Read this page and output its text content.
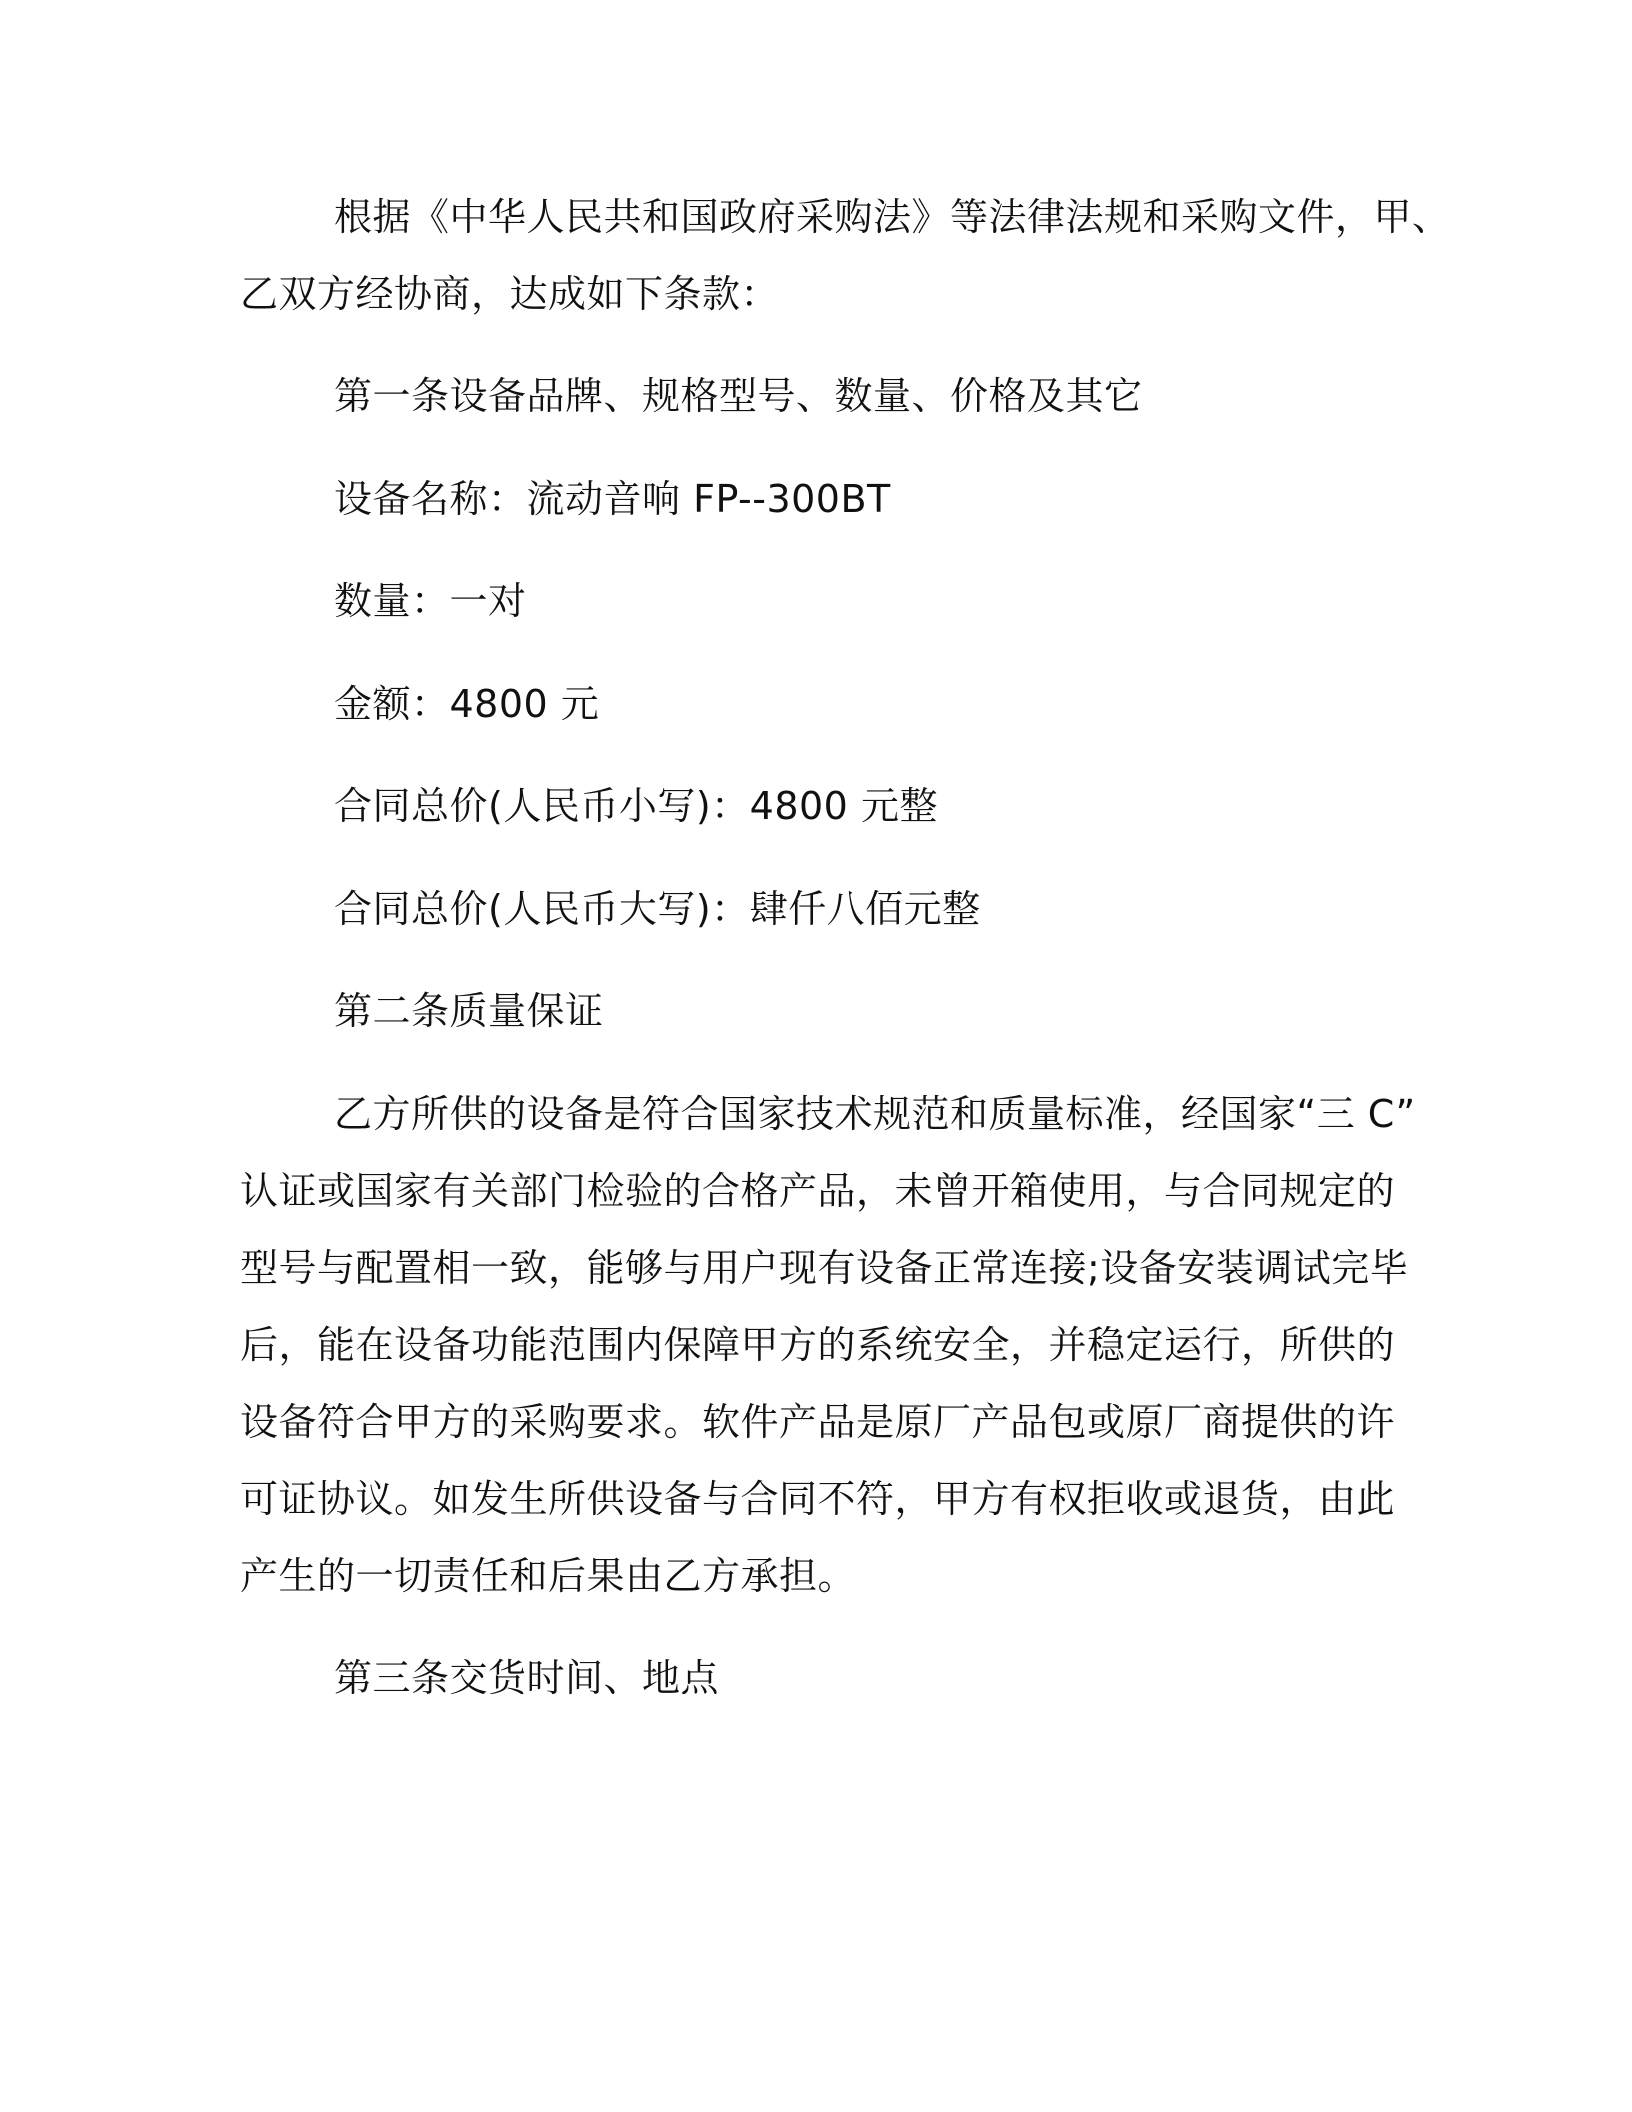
根据《中华人民共和国政府采购法》等法律法规和采购文件，甲、
乙双方经协商，达成如下条款：
第一条设备品牌、规格型号、数量、价格及其它
设备名称：流动音响 FP--300BT
数量：一对
金额：4800 元
合同总价(人民币小写)：4800 元整
合同总价(人民币大写)：肆仟八佰元整
第二条质量保证
乙方所供的设备是符合国家技术规范和质量标准，经国家“三 C”
认证或国家有关部门检验的合格产品，未曾开箱使用，与合同规定的
型号与配置相一致，能够与用户现有设备正常连接;设备安装调试完毕
后，能在设备功能范围内保障甲方的系统安全，并稳定运行，所供的
设备符合甲方的采购要求。软件产品是原厂产品包或原厂商提供的许
可证协议。如发生所供设备与合同不符，甲方有权拒收或退货，由此
产生的一切责任和后果由乙方承担。
第三条交货时间、地点
